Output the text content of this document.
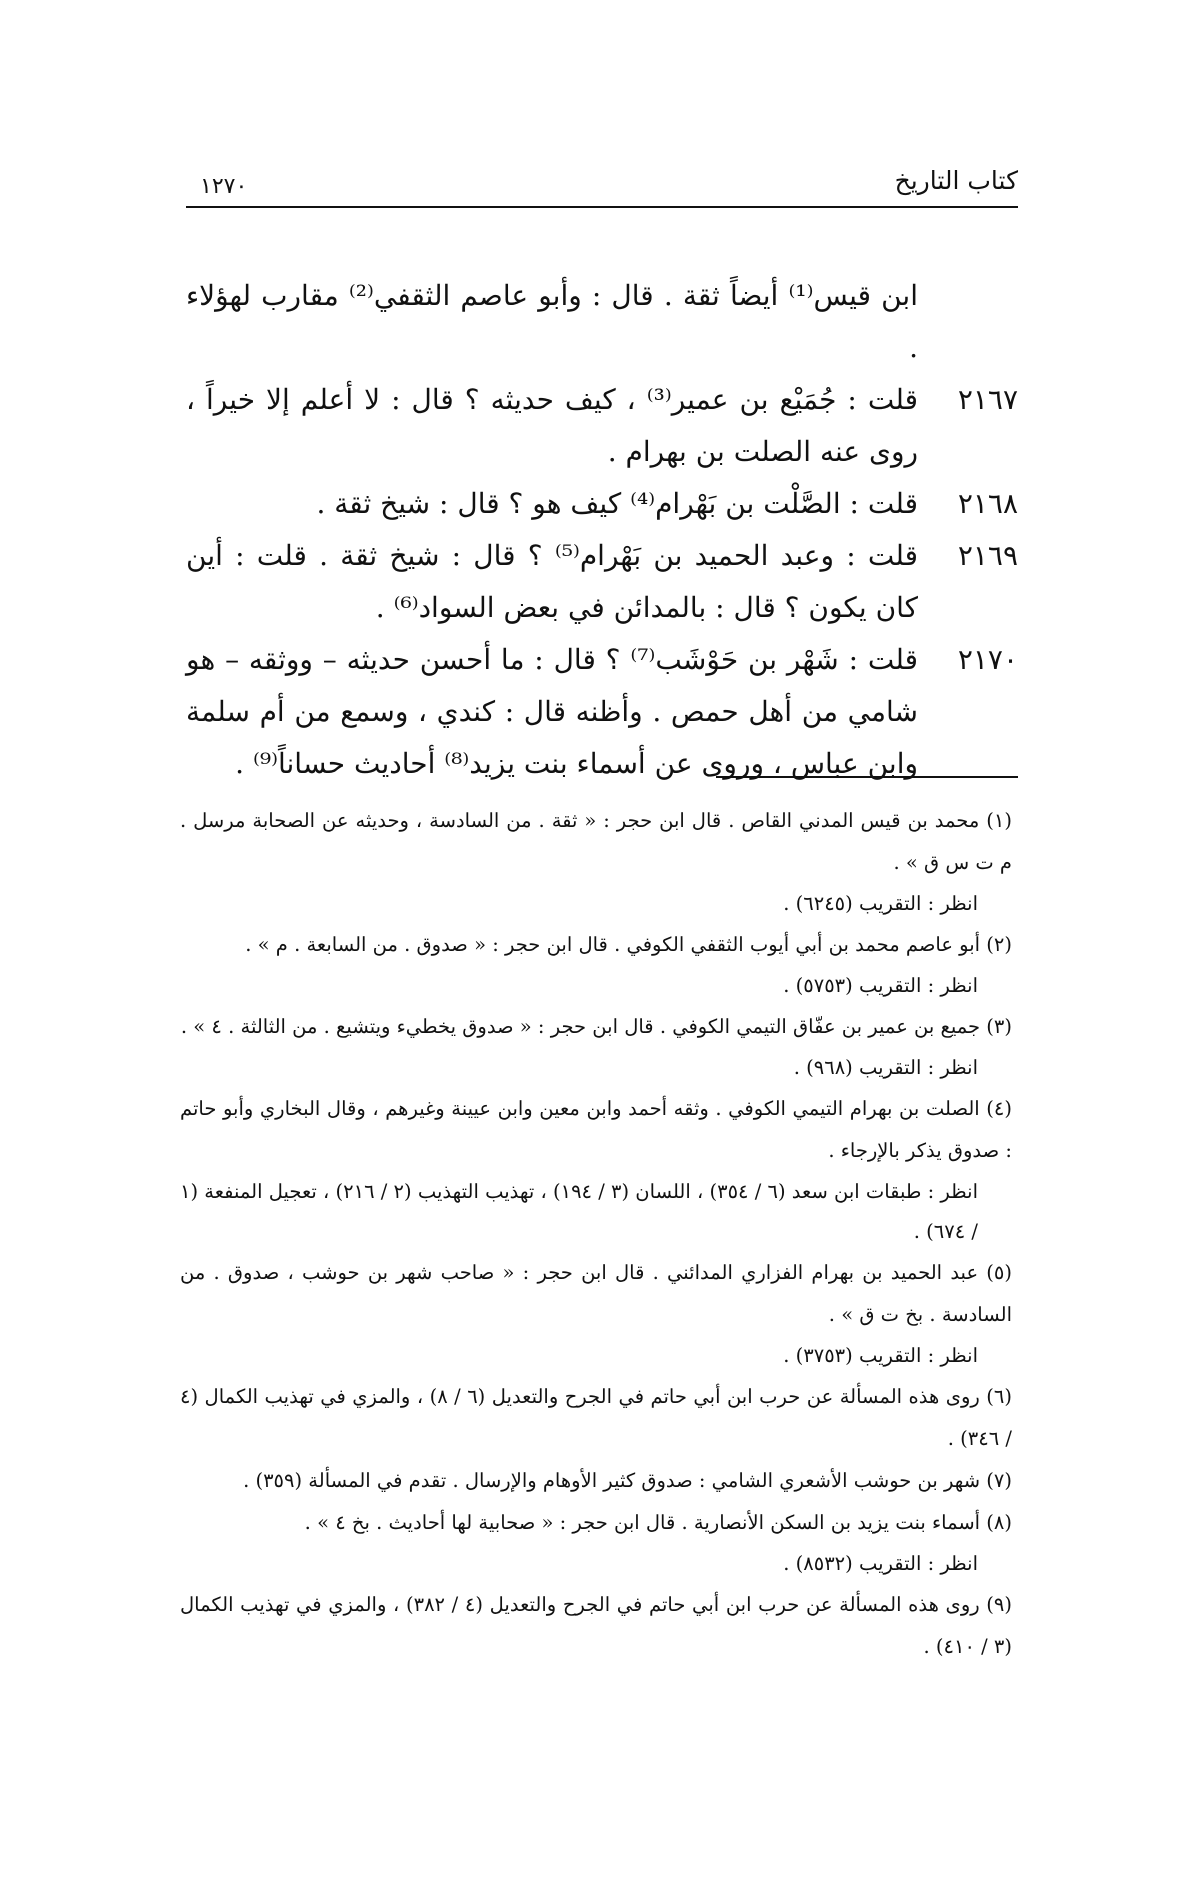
كتاب التاريخ
١٢٧٠
ابن قيس⁽¹⁾ أيضاً ثقة . قال : وأبو عاصم الثقفي⁽²⁾ مقارب لهؤلاء .
٢١٦٧
قلت : جُمَيْع بن عمير⁽³⁾ ، كيف حديثه ؟ قال : لا أعلم إلا خيراً ، روى عنه الصلت بن بهرام .
٢١٦٨
قلت : الصَّلْت بن بَهْرام⁽⁴⁾ كيف هو ؟ قال : شيخ ثقة .
٢١٦٩
قلت : وعبد الحميد بن بَهْرام⁽⁵⁾ ؟ قال : شيخ ثقة . قلت : أين كان يكون ؟ قال : بالمدائن في بعض السواد⁽⁶⁾ .
٢١٧٠
قلت : شَهْر بن حَوْشَب⁽⁷⁾ ؟ قال : ما أحسن حديثه – ووثقه – هو شامي من أهل حمص . وأظنه قال : كندي ، وسمع من أم سلمة وابن عباس ، وروى عن أسماء بنت يزيد⁽⁸⁾ أحاديث حساناً⁽⁹⁾ .
(١) محمد بن قيس المدني القاص . قال ابن حجر : « ثقة . من السادسة ، وحديثه عن الصحابة مرسل . م ت س ق » .
انظر : التقريب (٦٢٤٥) .
(٢) أبو عاصم محمد بن أبي أيوب الثقفي الكوفي . قال ابن حجر : « صدوق . من السابعة . م » .
انظر : التقريب (٥٧٥٣) .
(٣) جميع بن عمير بن عفّاق التيمي الكوفي . قال ابن حجر : « صدوق يخطيء ويتشيع . من الثالثة . ٤ » .
انظر : التقريب (٩٦٨) .
(٤) الصلت بن بهرام التيمي الكوفي . وثقه أحمد وابن معين وابن عيينة وغيرهم ، وقال البخاري وأبو حاتم : صدوق يذكر بالإرجاء .
انظر : طبقات ابن سعد (٦ / ٣٥٤) ، اللسان (٣ / ١٩٤) ، تهذيب التهذيب (٢ / ٢١٦) ، تعجيل المنفعة (١ / ٦٧٤) .
(٥) عبد الحميد بن بهرام الفزاري المدائني . قال ابن حجر : « صاحب شهر بن حوشب ، صدوق . من السادسة . بخ ت ق » .
انظر : التقريب (٣٧٥٣) .
(٦) روى هذه المسألة عن حرب ابن أبي حاتم في الجرح والتعديل (٦ / ٨) ، والمزي في تهذيب الكمال (٤ / ٣٤٦) .
(٧) شهر بن حوشب الأشعري الشامي : صدوق كثير الأوهام والإرسال . تقدم في المسألة (٣٥٩) .
(٨) أسماء بنت يزيد بن السكن الأنصارية . قال ابن حجر : « صحابية لها أحاديث . بخ ٤ » .
انظر : التقريب (٨٥٣٢) .
(٩) روى هذه المسألة عن حرب ابن أبي حاتم في الجرح والتعديل (٤ / ٣٨٢) ، والمزي في تهذيب الكمال (٣ / ٤١٠) .
